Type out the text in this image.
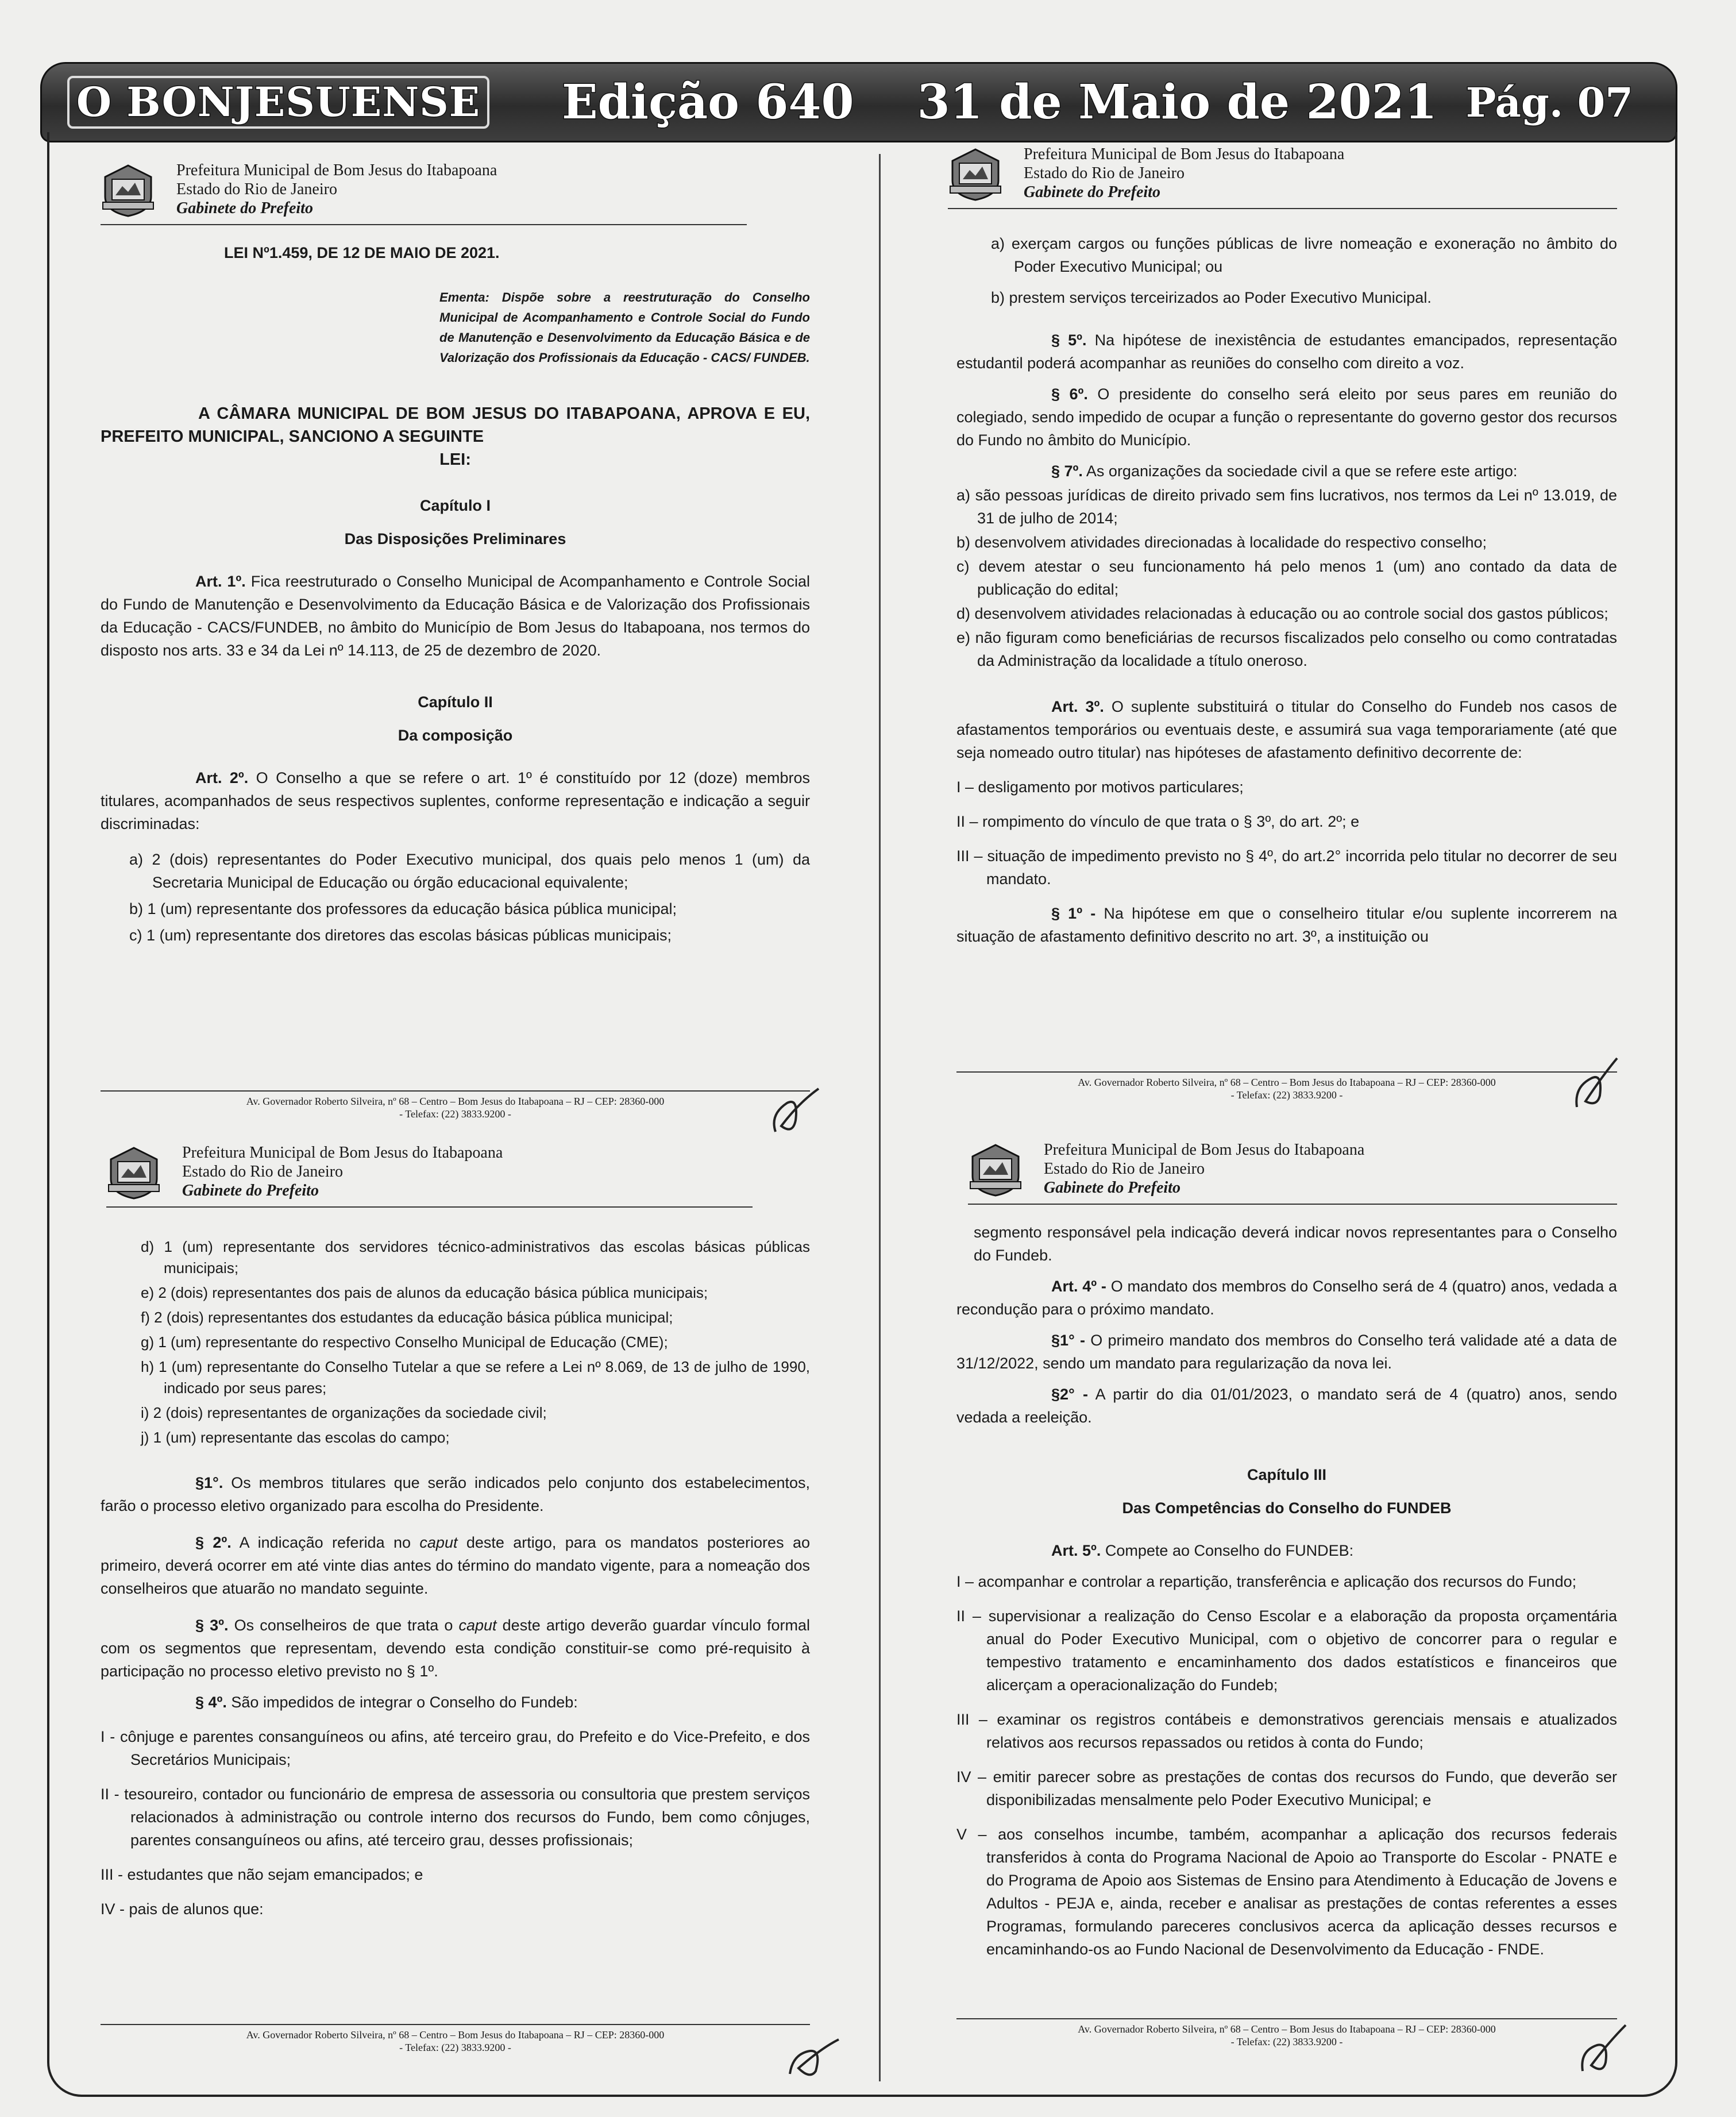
O BONJESUENSE Edição 640 31 de Maio de 2021 Pág. 07
Prefeitura Municipal de Bom Jesus do Itabapoana
Estado do Rio de Janeiro
Gabinete do Prefeito
LEI Nº1.459, DE 12 DE MAIO DE 2021.
Ementa: Dispõe sobre a reestruturação do Conselho Municipal de Acompanhamento e Controle Social do Fundo de Manutenção e Desenvolvimento da Educação Básica e de Valorização dos Profissionais da Educação - CACS/ FUNDEB.
A CÂMARA MUNICIPAL DE BOM JESUS DO ITABAPOANA, APROVA E EU, PREFEITO MUNICIPAL, SANCIONO A SEGUINTE
LEI:
Capítulo I
Das Disposições Preliminares

Art. 1º. Fica reestruturado o Conselho Municipal de Acompanhamento e Controle Social do Fundo de Manutenção e Desenvolvimento da Educação Básica e de Valorização dos Profissionais da Educação - CACS/FUNDEB, no âmbito do Município de Bom Jesus do Itabapoana, nos termos do disposto nos arts. 33 e 34 da Lei nº 14.113, de 25 de dezembro de 2020.

Capítulo II
Da composição

Art. 2º. O Conselho a que se refere o art. 1º é constituído por 12 (doze) membros titulares, acompanhados de seus respectivos suplentes, conforme representação e indicação a seguir discriminadas:

a) 2 (dois) representantes do Poder Executivo municipal, dos quais pelo menos 1 (um) da Secretaria Municipal de Educação ou órgão educacional equivalente;
b) 1 (um) representante dos professores da educação básica pública municipal;
c) 1 (um) representante dos diretores das escolas básicas públicas municipais;
Av. Governador Roberto Silveira, nº 68 – Centro – Bom Jesus do Itabapoana – RJ – CEP: 28360-000
- Telefax: (22) 3833.9200 -
Prefeitura Municipal de Bom Jesus do Itabapoana
Estado do Rio de Janeiro
Gabinete do Prefeito
a) exerçam cargos ou funções públicas de livre nomeação e exoneração no âmbito do Poder Executivo Municipal; ou
b) prestem serviços terceirizados ao Poder Executivo Municipal.

§ 5º. Na hipótese de inexistência de estudantes emancipados, representação estudantil poderá acompanhar as reuniões do conselho com direito a voz.

§ 6º. O presidente do conselho será eleito por seus pares em reunião do colegiado, sendo impedido de ocupar a função o representante do governo gestor dos recursos do Fundo no âmbito do Município.

§ 7º. As organizações da sociedade civil a que se refere este artigo:

a) são pessoas jurídicas de direito privado sem fins lucrativos, nos termos da Lei nº 13.019, de 31 de julho de 2014;
b) desenvolvem atividades direcionadas à localidade do respectivo conselho;
c) devem atestar o seu funcionamento há pelo menos 1 (um) ano contado da data de publicação do edital;
d) desenvolvem atividades relacionadas à educação ou ao controle social dos gastos públicos;
e) não figuram como beneficiárias de recursos fiscalizados pelo conselho ou como contratadas da Administração da localidade a título oneroso.

Art. 3º. O suplente substituirá o titular do Conselho do Fundeb nos casos de afastamentos temporários ou eventuais deste, e assumirá sua vaga temporariamente (até que seja nomeado outro titular) nas hipóteses de afastamento definitivo decorrente de:

I – desligamento por motivos particulares;
II – rompimento do vínculo de que trata o § 3º, do art. 2º; e
III – situação de impedimento previsto no § 4º, do art.2° incorrida pelo titular no decorrer de seu mandato.

§ 1º - Na hipótese em que o conselheiro titular e/ou suplente incorrerem na situação de afastamento definitivo descrito no art. 3º, a instituição ou

Av. Governador Roberto Silveira, nº 68 – Centro – Bom Jesus do Itabapoana – RJ – CEP: 28360-000
- Telefax: (22) 3833.9200 -
Prefeitura Municipal de Bom Jesus do Itabapoana
Estado do Rio de Janeiro
Gabinete do Prefeito
d) 1 (um) representante dos servidores técnico-administrativos das escolas básicas públicas municipais;
e) 2 (dois) representantes dos pais de alunos da educação básica pública municipais;
f) 2 (dois) representantes dos estudantes da educação básica pública municipal;
g) 1 (um) representante do respectivo Conselho Municipal de Educação (CME);
h) 1 (um) representante do Conselho Tutelar a que se refere a Lei nº 8.069, de 13 de julho de 1990, indicado por seus pares;
i) 2 (dois) representantes de organizações da sociedade civil;
j) 1 (um) representante das escolas do campo;

§1°. Os membros titulares que serão indicados pelo conjunto dos estabelecimentos, farão o processo eletivo organizado para escolha do Presidente.

§ 2º. A indicação referida no caput deste artigo, para os mandatos posteriores ao primeiro, deverá ocorrer em até vinte dias antes do término do mandato vigente, para a nomeação dos conselheiros que atuarão no mandato seguinte.

§ 3º. Os conselheiros de que trata o caput deste artigo deverão guardar vínculo formal com os segmentos que representam, devendo esta condição constituir-se como pré-requisito à participação no processo eletivo previsto no § 1º.

§ 4º. São impedidos de integrar o Conselho do Fundeb:

I - cônjuge e parentes consanguíneos ou afins, até terceiro grau, do Prefeito e do Vice-Prefeito, e dos Secretários Municipais;
II - tesoureiro, contador ou funcionário de empresa de assessoria ou consultoria que prestem serviços relacionados à administração ou controle interno dos recursos do Fundo, bem como cônjuges, parentes consanguíneos ou afins, até terceiro grau, desses profissionais;
III - estudantes que não sejam emancipados; e
IV - pais de alunos que:
Av. Governador Roberto Silveira, nº 68 – Centro – Bom Jesus do Itabapoana – RJ – CEP: 28360-000
- Telefax: (22) 3833.9200 -
Prefeitura Municipal de Bom Jesus do Itabapoana
Estado do Rio de Janeiro
Gabinete do Prefeito

segmento responsável pela indicação deverá indicar novos representantes para o Conselho do Fundeb.

Art. 4º - O mandato dos membros do Conselho será de 4 (quatro) anos, vedada a recondução para o próximo mandato.

§1° - O primeiro mandato dos membros do Conselho terá validade até a data de 31/12/2022, sendo um mandato para regularização da nova lei.

§2° - A partir do dia 01/01/2023, o mandato será de 4 (quatro) anos, sendo vedada a reeleição.

Capítulo III
Das Competências do Conselho do FUNDEB

Art. 5º. Compete ao Conselho do FUNDEB:

I – acompanhar e controlar a repartição, transferência e aplicação dos recursos do Fundo;
II – supervisionar a realização do Censo Escolar e a elaboração da proposta orçamentária anual do Poder Executivo Municipal, com o objetivo de concorrer para o regular e tempestivo tratamento e encaminhamento dos dados estatísticos e financeiros que alicerçam a operacionalização do Fundeb;
III – examinar os registros contábeis e demonstrativos gerenciais mensais e atualizados relativos aos recursos repassados ou retidos à conta do Fundo;
IV – emitir parecer sobre as prestações de contas dos recursos do Fundo, que deverão ser disponibilizadas mensalmente pelo Poder Executivo Municipal; e
V – aos conselhos incumbe, também, acompanhar a aplicação dos recursos federais transferidos à conta do Programa Nacional de Apoio ao Transporte do Escolar - PNATE e do Programa de Apoio aos Sistemas de Ensino para Atendimento à Educação de Jovens e Adultos - PEJA e, ainda, receber e analisar as prestações de contas referentes a esses Programas, formulando pareceres conclusivos acerca da aplicação desses recursos e encaminhando-os ao Fundo Nacional de Desenvolvimento da Educação - FNDE.
Av. Governador Roberto Silveira, nº 68 – Centro – Bom Jesus do Itabapoana – RJ – CEP: 28360-000
- Telefax: (22) 3833.9200 -
